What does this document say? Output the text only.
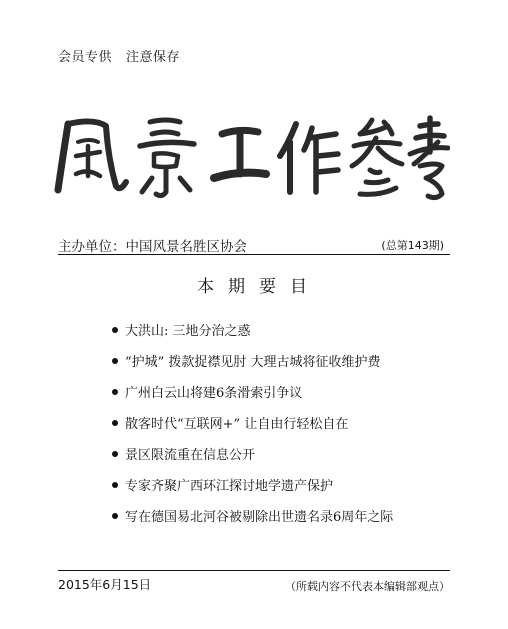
会员专供 注意保存
主办单位：中国风景名胜区协会	(总第143期)
本期要目
大洪山: 三地分治之惑
“护城” 拨款捉襟见肘 大理古城将征收维护费
广州白云山将建6条滑索引争议
散客时代“互联网+” 让自由行轻松自在
景区限流重在信息公开
专家齐聚广西环江探讨地学遗产保护
写在德国易北河谷被剔除出世遗名录6周年之际
2015年6月15日	（所载内容不代表本编辑部观点）
